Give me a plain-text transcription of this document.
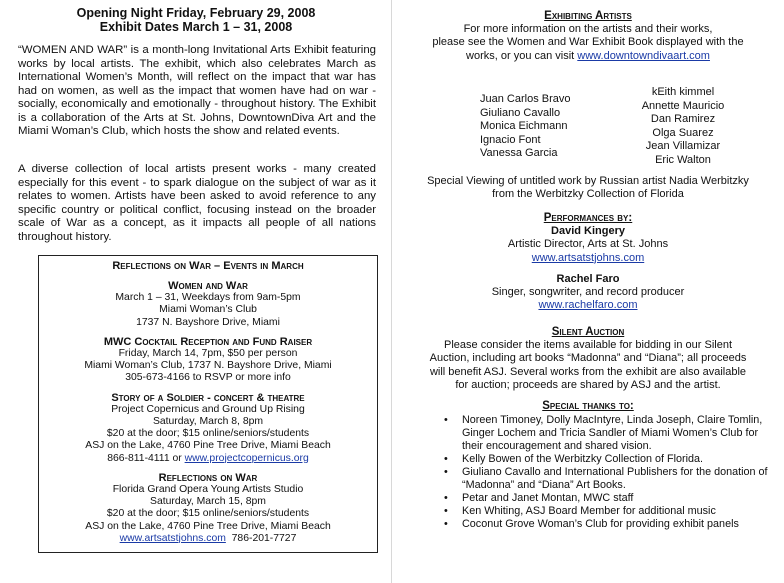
Opening Night Friday, February 29, 2008
Exhibit Dates March 1 – 31, 2008
“WOMEN AND WAR” is a month-long Invitational Arts Exhibit featuring works by local artists. The exhibit, which also celebrates March as International Women’s Month, will reflect on the impact that war has had on women, as well as the impact that women have had on war - socially, economically and emotionally - throughout history. The Exhibit is a collaboration of the Arts at St. Johns, DowntownDiva Art and the Miami Woman’s Club, which hosts the show and related events.
A diverse collection of local artists present works - many created especially for this event - to spark dialogue on the subject of war as it relates to women. Artists have been asked to avoid reference to any specific country or political conflict, focusing instead on the broader scale of War as a concept, as it impacts all people of all nations throughout history.
Reflections on War – Events in March
Women and War
March 1 – 31, Weekdays from 9am-5pm
Miami Woman’s Club
1737 N. Bayshore Drive, Miami
MWC Cocktail Reception and Fund Raiser
Friday, March 14, 7pm, $50 per person
Miami Woman’s Club, 1737 N. Bayshore Drive, Miami
305-673-4166 to RSVP or more info
Story of a Soldier - concert & theatre
Project Copernicus and Ground Up Rising
Saturday, March 8, 8pm
$20 at the door; $15 online/seniors/students
ASJ on the Lake, 4760 Pine Tree Drive, Miami Beach
866-811-4111 or www.projectcopernicus.org
Reflections on War
Florida Grand Opera Young Artists Studio
Saturday, March 15, 8pm
$20 at the door; $15 online/seniors/students
ASJ on the Lake, 4760 Pine Tree Drive, Miami Beach
www.artsatstjohns.com  786-201-7727
Exhibiting Artists
For more information on the artists and their works,
please see the Women and War Exhibit Book displayed with the
works, or you can visit www.downtowndivaart.com
Juan Carlos Bravo
Giuliano Cavallo
Monica Eichmann
Ignacio Font
Vanessa Garcia
kEith kimmel
Annette Mauricio
Dan Ramirez
Olga Suarez
Jean Villamizar
Eric Walton
Special Viewing of untitled work by Russian artist Nadia Werbitzky
from the Werbitzky Collection of Florida
Performances by:
David Kingery
Artistic Director, Arts at St. Johns
www.artsatstjohns.com
Rachel Faro
Singer, songwriter, and record producer
www.rachelfaro.com
Silent Auction
Please consider the items available for bidding in our Silent
Auction, including art books “Madonna” and “Diana”; all proceeds
will benefit ASJ. Several works from the exhibit are also available
for auction; proceeds are shared by ASJ and the artist.
Special thanks to:
• Noreen Timoney, Dolly MacIntyre, Linda Joseph, Claire Tomlin, Ginger Lochem and Tricia Sandler of Miami Women’s Club for their encouragement and shared vision.
• Kelly Bowen of the Werbitzky Collection of Florida.
• Giuliano Cavallo and International Publishers for the donation of “Madonna” and “Diana” Art Books.
• Petar and Janet Montan, MWC staff
• Ken Whiting, ASJ Board Member for additional music
• Coconut Grove Woman’s Club for providing exhibit panels
